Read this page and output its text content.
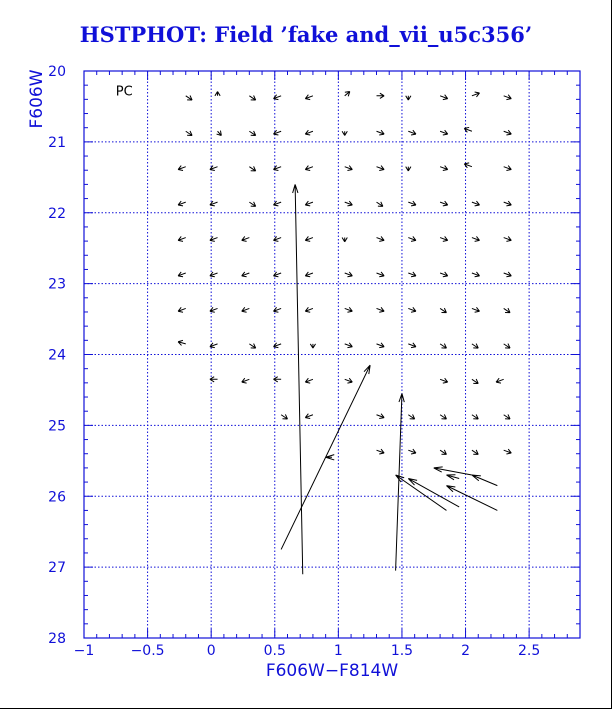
HSTPHOT: Field ’fake and_vii_u5c356’
−1	−0.5	0	0.5	1	1.5	2	2.5
20
21
22
23
24
25
26
27
28
F606W−F814W
F606W	PC
